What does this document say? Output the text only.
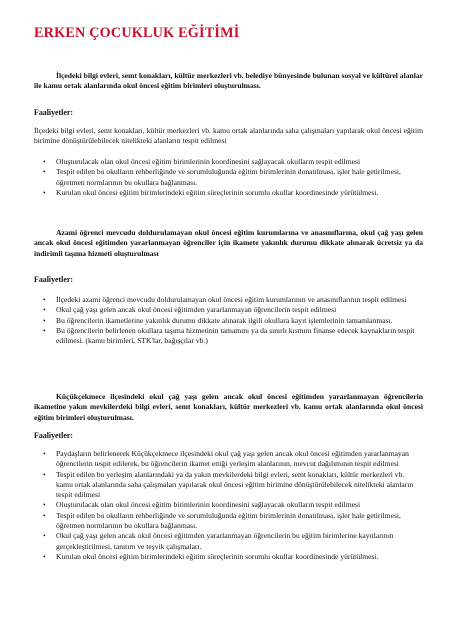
ERKEN ÇOCUKLUK EĞİTİMİ
İlçedeki bilgi evleri, semt konakları, kültür merkezleri vb. belediye bünyesinde bulunan sosyal ve kültürel alanlar ile kamu ortak alanlarında okul öncesi eğitim birimleri oluşturulması.
Faaliyetler:
İlçedeki bilgi evleri, semt konakları, kültür merkezleri vb. kamu ortak alanlarında saha çalışmaları yapılarak okul öncesi eğitim birimine dönüştürülebilecek nitelikteki alanların tespit edilmesi
• Oluşturulacak olan okul öncesi eğitim birimlerinin koordinesini sağlayacak okulların tespit edilmesi
• Tespit edilen bu okulların rehberliğinde ve sorumluluğunda eğitim birimlerinin donatılması, işler hale getirilmesi, öğretmen normlarının bu okullara bağlanması.
• Kurulan okul öncesi eğitim birimlerindeki eğitim süreçlerinin sorumlu okullar koordinesinde yürütülmesi.
Azami öğrenci mevcudu doldurulamayan okul öncesi eğitim kurumlarına ve anasınıflarına, okul çağ yaşı gelen ancak okul öncesi eğitimden yararlanmayan öğrenciler için ikamete yakınlık durumu dikkate alınarak ücretsiz ya da indirimli taşıma hizmeti oluşturulması
Faaliyetler:
• İlçedeki azami öğrenci mevcudu doldurulamayan okul öncesi eğitim kurumlarının ve anasınıflarının tespit edilmesi
• Okul çağ yaşı gelen ancak okul öncesi eğitimden yararlanmayan öğrencilerin tespit edilmesi
• Bu öğrencilerin ikametlerine yakınlık durumu dikkate alınarak ilgili okullara kayıt işlemlerinin tamamlanması.
• Bu öğrencilerin belirlenen okullara taşıma hizmetinin tamamını ya da sınırlı kısmını finanse edecek kaynakların tespit edilmesi. (kamu birimleri, STK'lar, bağışçılar vb.)
Küçükçekmece ilçesindeki okul çağ yaşı gelen ancak okul öncesi eğitimden yararlanmayan öğrencilerin ikametine yakın mevkilerdeki bilgi evleri, semt konakları, kültür merkezleri vb. kamu ortak alanlarında okul öncesi eğitim birimleri oluşturulması.
Faaliyetler:
• Paydaşların belirlenerek Küçükçekmece ilçesindeki okul çağ yaşı gelen ancak okul öncesi eğitimden yararlanmayan öğrencilerin tespit edilerek, bu öğrencilerin ikamet ettiği yerleşim alanlarının, mevcut dağılımının tespit edilmesi
• Tespit edilen bu yerleşim alanlarındaki ya da yakın mevkilerdeki bilgi evleri, semt konakları, kültür merkezleri vb. kamu ortak alanlarında saha çalışmaları yapılarak okul öncesi eğitim birimine dönüştürülebilecek nitelikteki alanların tespit edilmesi
• Oluşturulacak olan okul öncesi eğitim birimlerinin koordinesini sağlayacak okulların tespit edilmesi
• Tespit edilen bu okulların rehberliğinde ve sorumluluğunda eğitim birimlerinin donatılması, işler hale getirilmesi, öğretmen normlarının bu okullara bağlanması.
• Okul çağ yaşı gelen ancak okul öncesi eğitimden yararlanmayan öğrencilerin bu eğitim birimlerine kayıtlarının gerçekleştirilmesi, tanıtım ve teşvik çalışmaları.
• Kurulan okul öncesi eğitim birimlerindeki eğitim süreçlerinin sorumlu okullar koordinesinde yürütülmesi.
